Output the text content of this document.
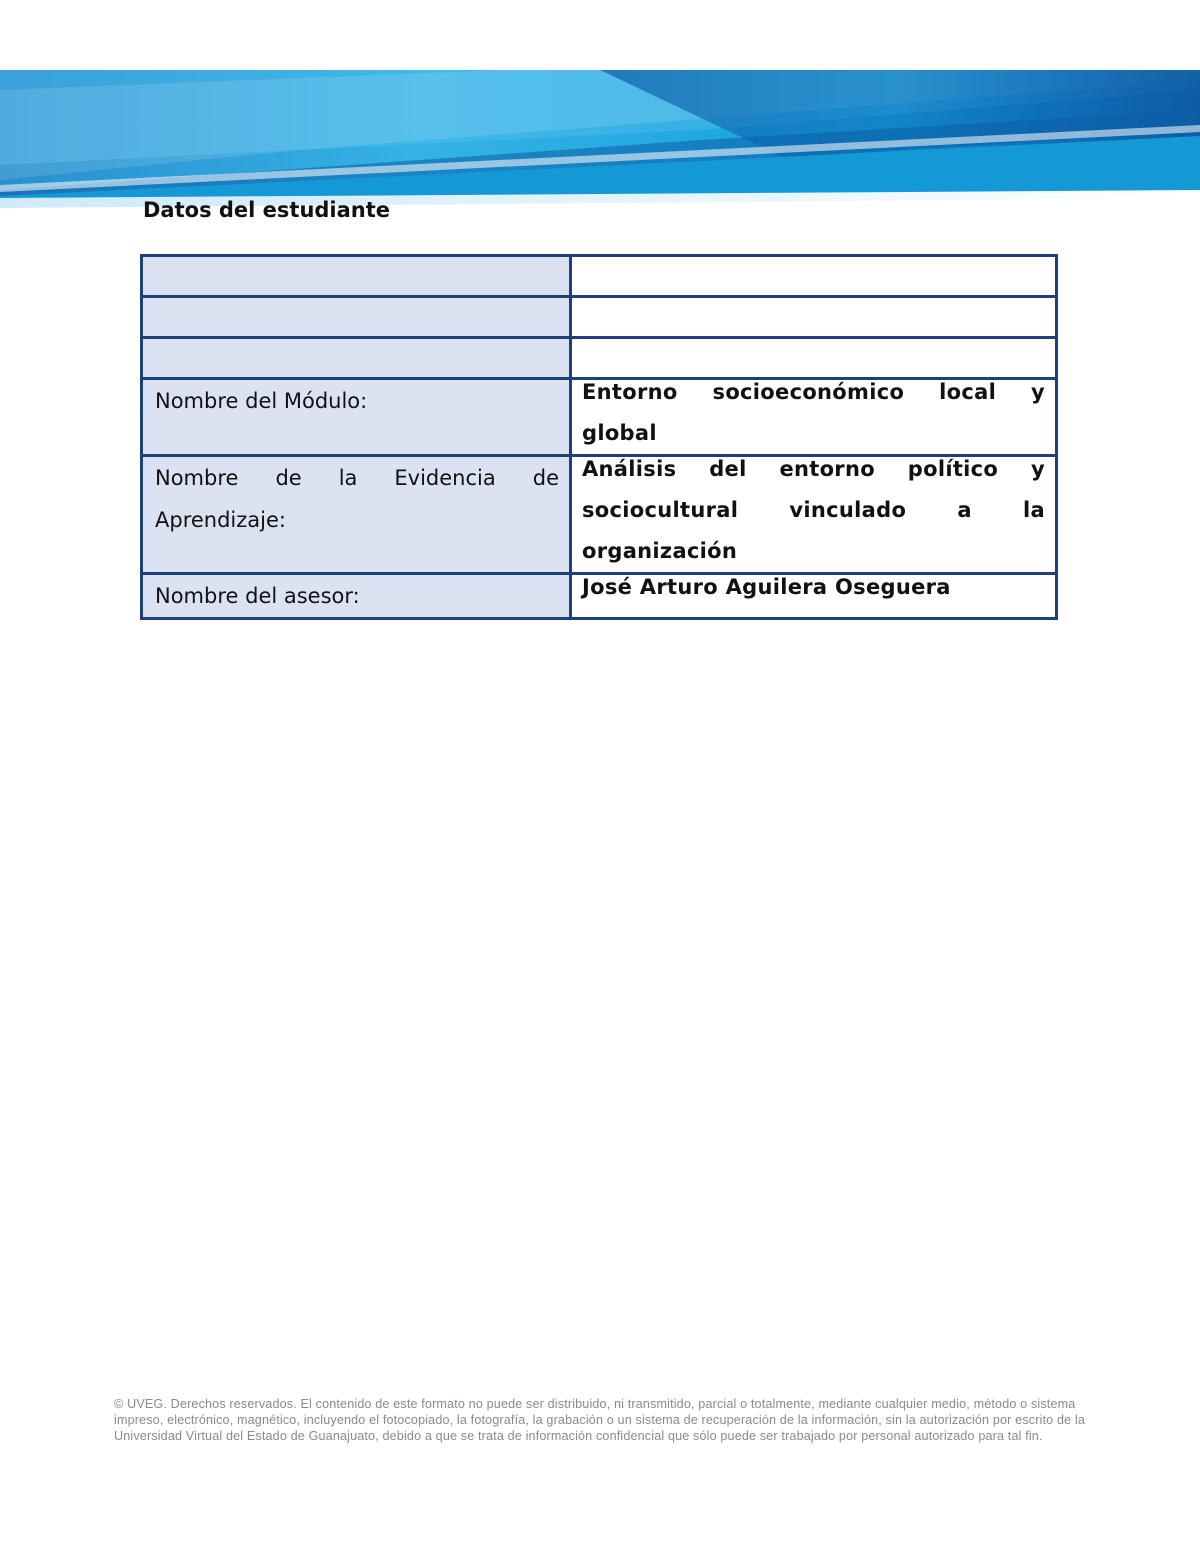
Datos del estudiante

Nombre del Módulo:	Entorno socioeconómico local y global

Nombre de la Evidencia de Aprendizaje:	Análisis del entorno político y sociocultural vinculado a la organización

Nombre del asesor:	José Arturo Aguilera Oseguera

© UVEG. Derechos reservados. El contenido de este formato no puede ser distribuido, ni transmitido, parcial o totalmente, mediante cualquier medio, método o sistema impreso, electrónico, magnético, incluyendo el fotocopiado, la fotografía, la grabación o un sistema de recuperación de la información, sin la autorización por escrito de la Universidad Virtual del Estado de Guanajuato, debido a que se trata de información confidencial que sólo puede ser trabajado por personal autorizado para tal fin.
